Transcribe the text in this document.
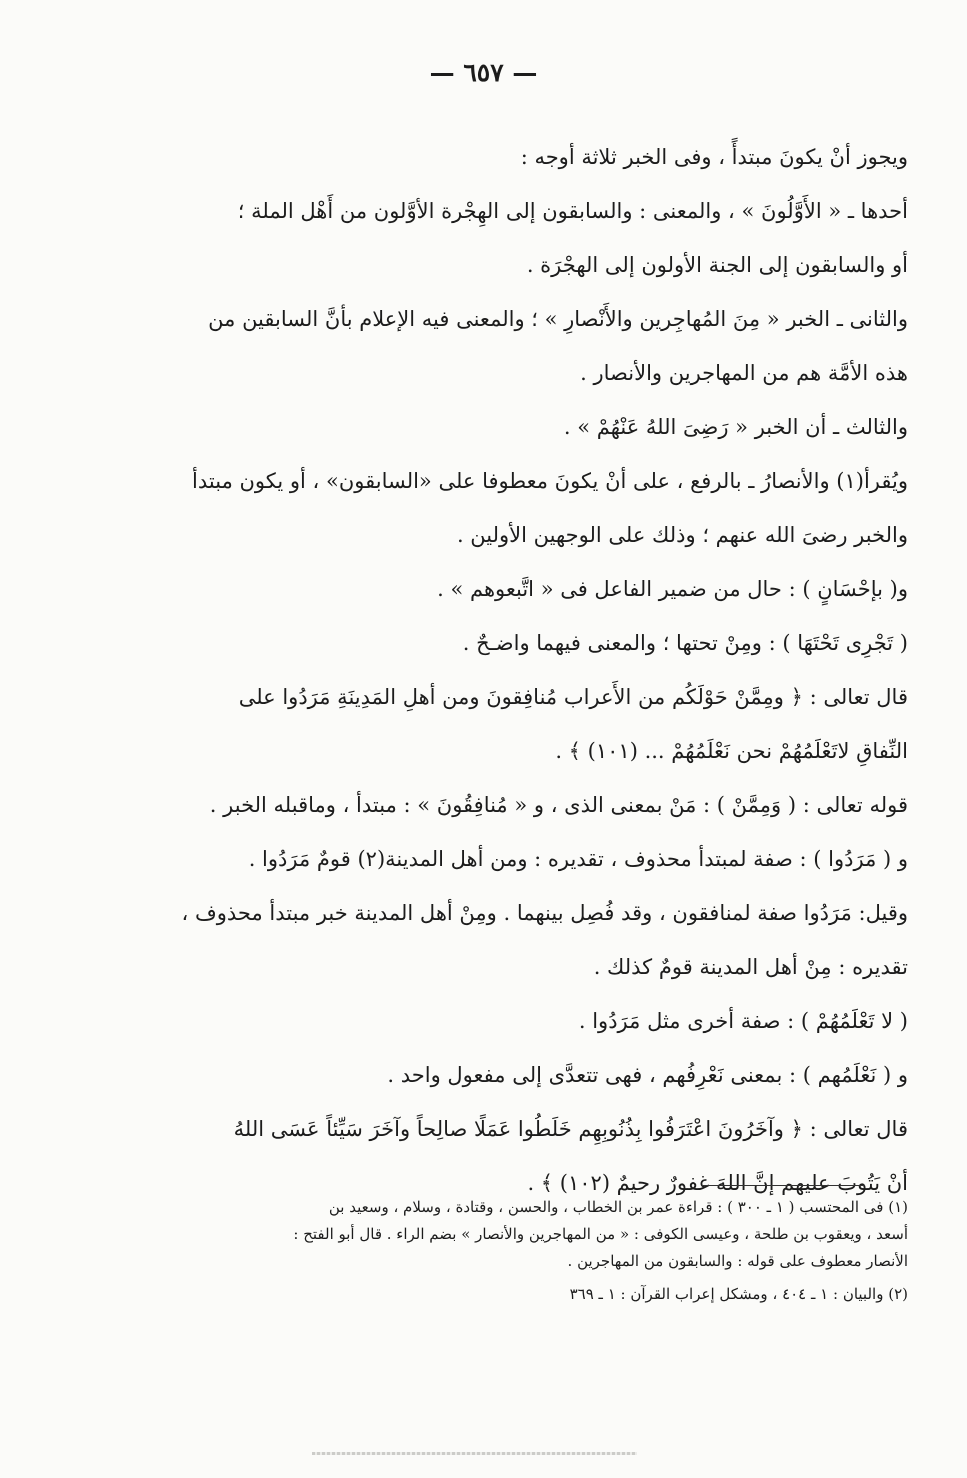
— ٦٥٧ —
ويجوز أنْ يكونَ مبتدأً ، وفى الخبر ثلاثة أوجه :
أحدها ـ « الأَوَّلُونَ » ، والمعنى : والسابقون إلى الهِجْرة الأوَّلون من أَهْل الملة ؛
أو والسابقون إلى الجنة الأولون إلى الهجْرَة .
والثانى ـ الخبر « مِنَ المُهاجِرين والأَنْصارِ » ؛ والمعنى فيه الإعلام بأنَّ السابقين من
هذه الأمَّة هم من المهاجرين والأنصار .
والثالث ـ أن الخبر « رَضِىَ اللهُ عَنْهُمْ » .
ويُقرأ(١) والأنصارُ ـ بالرفع ، على أنْ يكونَ معطوفا على «السابقون» ، أو يكون مبتدأ
والخبر رضىَ الله عنهم ؛ وذلك على الوجهين الأولين .
و( بإحْسَانٍ ) : حال من ضمير الفاعل فى « اتَّبعوهم » .
( تَجْرِى تَحْتَهَا ) : ومِنْ تحتها ؛ والمعنى فيهما واضـحٌ .
قال تعالى : ﴿ ومِمَّنْ حَوْلَكُم من الأَعراب مُنافِقونَ ومن أهلِ المَدِينَةِ مَرَدُوا على
النِّفاقِ لاتَعْلَمُهُمْ نحن نَعْلَمُهُمْ ... (١٠١) ﴾ .
قوله تعالى : ( وَمِمَّنْ ) : مَنْ بمعنى الذى ، و « مُنافِقُونَ » : مبتدأ ، وماقبله الخبر .
و ( مَرَدُوا ) : صفة لمبتدأ محذوف ، تقديره : ومن أهل المدينة(٢) قومٌ مَرَدُوا .
وقيل: مَرَدُوا صفة لمنافقون ، وقد فُصِل بينهما . ومِنْ أهل المدينة خبر مبتدأ محذوف ،
تقديره : مِنْ أهل المدينة قومٌ كذلك .
( لا تَعْلَمُهُمْ ) : صفة أخرى مثل مَرَدُوا .
و ( نَعْلَمُهم ) : بمعنى نَعْرِفُهم ، فهى تتعدَّى إلى مفعول واحد .
قال تعالى : ﴿ وآخَرُونَ اعْتَرَفُوا بِذُنُوبِهِم خَلَطُوا عَمَلًا صالِحاً وآخَرَ سَيِّئاً عَسَى اللهُ
أنْ يَتُوبَ عليهم إنَّ اللهَ غفورٌ رحيمٌ (١٠٢) ﴾ .
(١) فى المحتسب ( ١ ـ ٣٠٠ ) : قراءة عمر بن الخطاب ، والحسن ، وقتادة ، وسلام ، وسعيد بن
أسعد ، ويعقوب بن طلحة ، وعيسى الكوفى : « من المهاجرين والأنصار » بضم الراء . قال أبو الفتح :
الأنصار معطوف على قوله : والسابقون من المهاجرين .
(٢) والبيان : ١ ـ ٤٠٤ ، ومشكل إعراب القرآن : ١ ـ ٣٦٩
